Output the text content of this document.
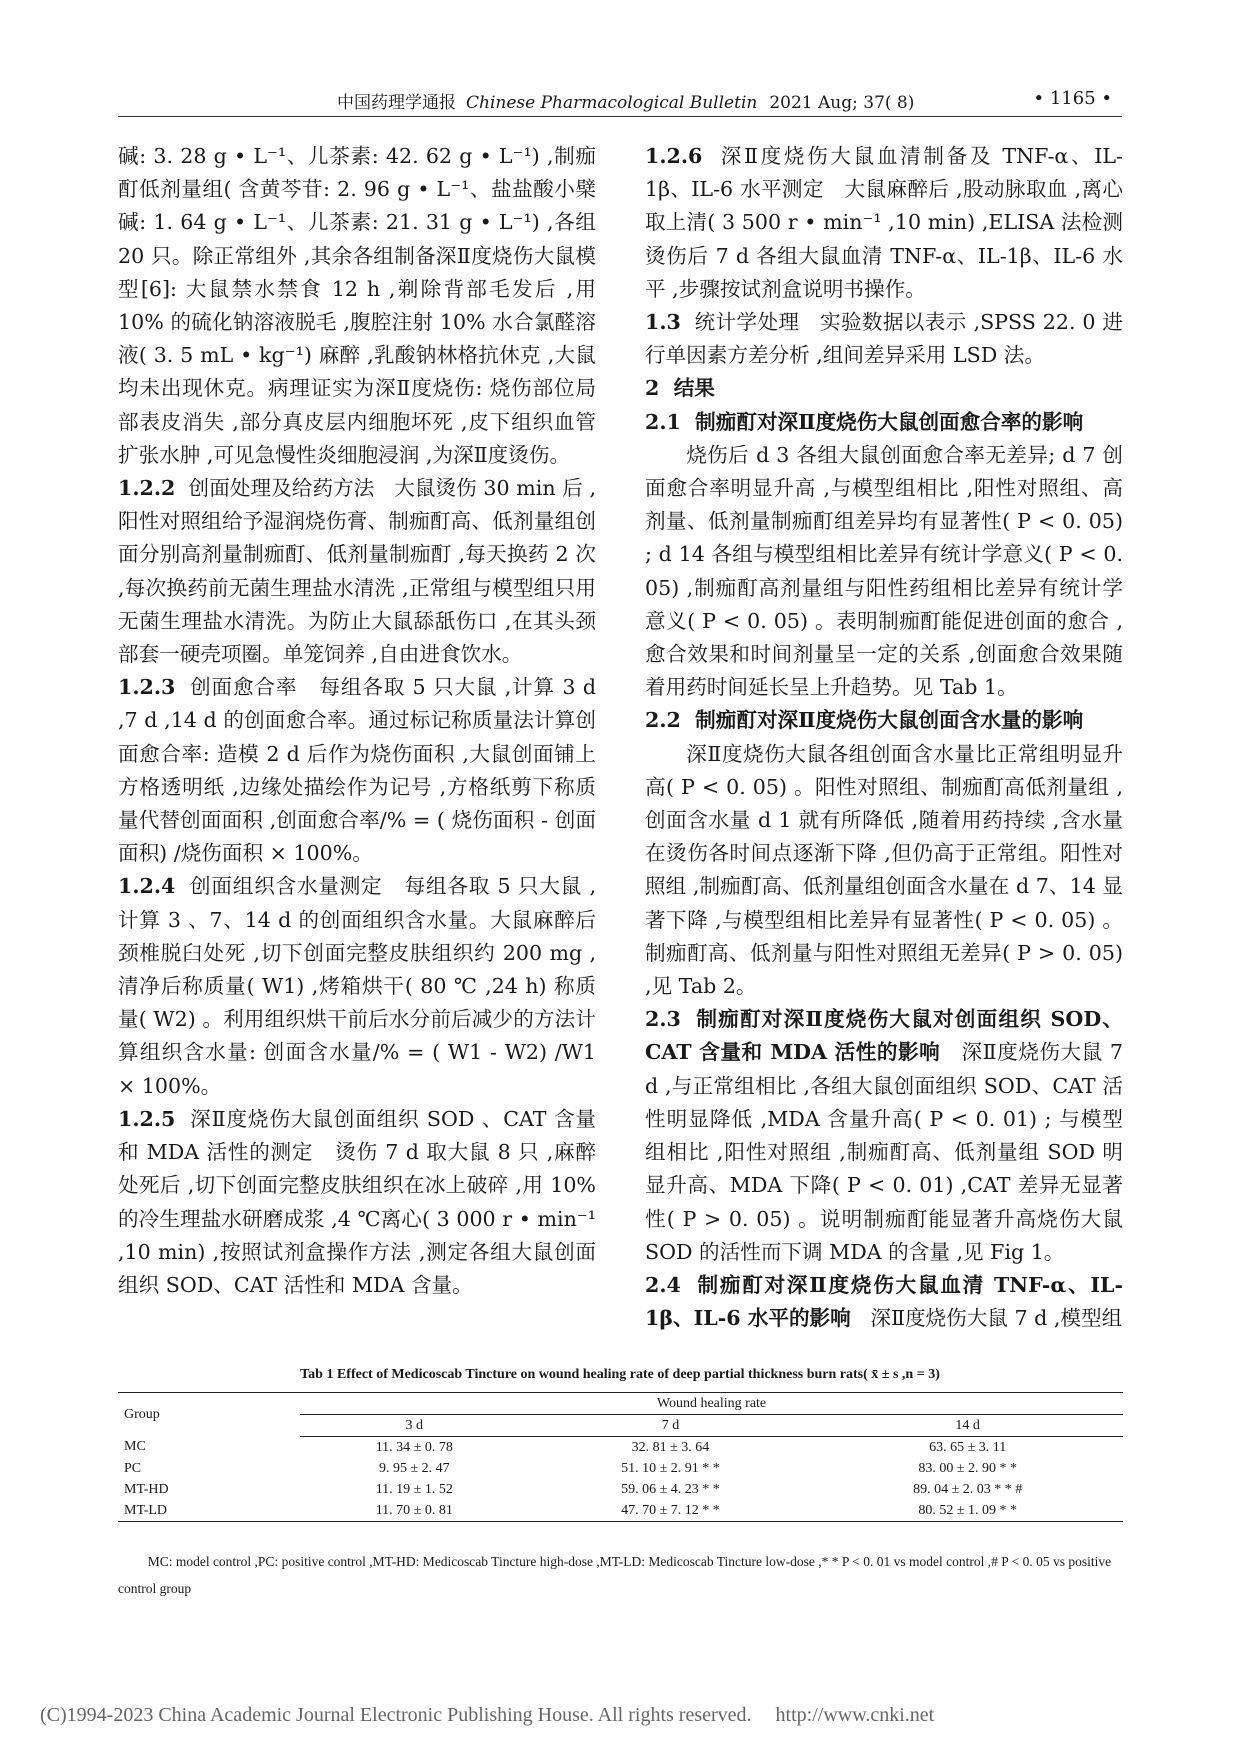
中国药理学通报 Chinese Pharmacological Bulletin 2021 Aug; 37( 8)	• 1165 •

碱: 3. 28 g • L⁻¹、儿茶素: 42. 62 g • L⁻¹) ,制痂酊低剂量组( 含黄芩苷: 2. 96 g • L⁻¹、盐盐酸小檗碱: 1. 64 g • L⁻¹、儿茶素: 21. 31 g • L⁻¹) ,各组 20 只。除正常组外 ,其余各组制备深Ⅱ度烧伤大鼠模型[6]: 大鼠禁水禁食 12 h ,剃除背部毛发后 ,用 10% 的硫化钠溶液脱毛 ,腹腔注射 10% 水合氯醛溶液( 3. 5 mL • kg⁻¹) 麻醉 ,乳酸钠林格抗休克 ,大鼠均未出现休克。病理证实为深Ⅱ度烧伤: 烧伤部位局部表皮消失 ,部分真皮层内细胞坏死 ,皮下组织血管扩张水肿 ,可见急慢性炎细胞浸润 ,为深Ⅱ度烫伤。

1.2.2 创面处理及给药方法 大鼠烫伤 30 min 后 ,阳性对照组给予湿润烧伤膏、制痂酊高、低剂量组创面分别高剂量制痂酊、低剂量制痂酊 ,每天换药 2 次 ,每次换药前无菌生理盐水清洗 ,正常组与模型组只用无菌生理盐水清洗。为防止大鼠舔舐伤口 ,在其头颈部套一硬壳项圈。单笼饲养 ,自由进食饮水。

1.2.3 创面愈合率 每组各取 5 只大鼠 ,计算 3 d ,7 d ,14 d 的创面愈合率。通过标记称质量法计算创面愈合率: 造模 2 d 后作为烧伤面积 ,大鼠创面铺上方格透明纸 ,边缘处描绘作为记号 ,方格纸剪下称质量代替创面面积 ,创面愈合率/% = ( 烧伤面积 - 创面面积) /烧伤面积 × 100%。

1.2.4 创面组织含水量测定 每组各取 5 只大鼠 ,计算 3 、7、14 d 的创面组织含水量。大鼠麻醉后颈椎脱臼处死 ,切下创面完整皮肤组织约 200 mg ,清净后称质量( W1) ,烤箱烘干( 80 ℃ ,24 h) 称质量( W2) 。利用组织烘干前后水分前后减少的方法计算组织含水量: 创面含水量/% = ( W1 - W2) /W1 × 100%。

1.2.5 深Ⅱ度烧伤大鼠创面组织 SOD 、CAT 含量和 MDA 活性的测定 烫伤 7 d 取大鼠 8 只 ,麻醉处死后 ,切下创面完整皮肤组织在冰上破碎 ,用 10% 的冷生理盐水研磨成浆 ,4 ℃离心( 3 000 r • min⁻¹ ,10 min) ,按照试剂盒操作方法 ,测定各组大鼠创面组织 SOD、CAT 活性和 MDA 含量。

1.2.6 深Ⅱ度烧伤大鼠血清制备及 TNF-α、IL-1β、IL-6 水平测定 大鼠麻醉后 ,股动脉取血 ,离心取上清( 3 500 r • min⁻¹ ,10 min) ,ELISA 法检测烫伤后 7 d 各组大鼠血清 TNF-α、IL-1β、IL-6 水平 ,步骤按试剂盒说明书操作。

1.3 统计学处理 实验数据以表示 ,SPSS 22. 0 进行单因素方差分析 ,组间差异采用 LSD 法。

2 结果

2.1 制痂酊对深Ⅱ度烧伤大鼠创面愈合率的影响

烧伤后 d 3 各组大鼠创面愈合率无差异; d 7 创面愈合率明显升高 ,与模型组相比 ,阳性对照组、高剂量、低剂量制痂酊组差异均有显著性( P < 0. 05) ; d 14 各组与模型组相比差异有统计学意义( P < 0. 05) ,制痂酊高剂量组与阳性药组相比差异有统计学意义( P < 0. 05) 。表明制痂酊能促进创面的愈合 ,愈合效果和时间剂量呈一定的关系 ,创面愈合效果随着用药时间延长呈上升趋势。见 Tab 1。

2.2 制痂酊对深Ⅱ度烧伤大鼠创面含水量的影响

深Ⅱ度烧伤大鼠各组创面含水量比正常组明显升高( P < 0. 05) 。阳性对照组、制痂酊高低剂量组 ,创面含水量 d 1 就有所降低 ,随着用药持续 ,含水量在烫伤各时间点逐渐下降 ,但仍高于正常组。阳性对照组 ,制痂酊高、低剂量组创面含水量在 d 7、14 显著下降 ,与模型组相比差异有显著性( P < 0. 05) 。制痂酊高、低剂量与阳性对照组无差异( P > 0. 05) ,见 Tab 2。

2.3 制痂酊对深Ⅱ度烧伤大鼠对创面组织 SOD、CAT 含量和 MDA 活性的影响 深Ⅱ度烧伤大鼠 7 d ,与正常组相比 ,各组大鼠创面组织 SOD、CAT 活性明显降低 ,MDA 含量升高( P < 0. 01) ; 与模型组相比 ,阳性对照组 ,制痂酊高、低剂量组 SOD 明显升高、MDA 下降( P < 0. 01) ,CAT 差异无显著性( P > 0. 05) 。说明制痂酊能显著升高烧伤大鼠 SOD 的活性而下调 MDA 的含量 ,见 Fig 1。

2.4 制痂酊对深Ⅱ度烧伤大鼠血清 TNF-α、IL-1β、IL-6 水平的影响 深Ⅱ度烧伤大鼠 7 d ,模型组

Tab 1 Effect of Medicoscab Tincture on wound healing rate of deep partial thickness burn rats( x̄ ± s ,n = 3)
Group	Wound healing rate		
	3 d	7 d	14 d
MC	11. 34 ± 0. 78	32. 81 ± 3. 64	63. 65 ± 3. 11
PC	9. 95 ± 2. 47	51. 10 ± 2. 91 * *	83. 00 ± 2. 90 * *
MT-HD	11. 19 ± 1. 52	59. 06 ± 4. 23 * *	89. 04 ± 2. 03 * * #
MT-LD	11. 70 ± 0. 81	47. 70 ± 7. 12 * *	80. 52 ± 1. 09 * *
MC: model control ,PC: positive control ,MT-HD: Medicoscab Tincture high-dose ,MT-LD: Medicoscab Tincture low-dose ,* * P < 0. 01 vs model control ,# P < 0. 05 vs positive control group
(C)1994-2023 China Academic Journal Electronic Publishing House. All rights reserved. http://www.cnki.net
